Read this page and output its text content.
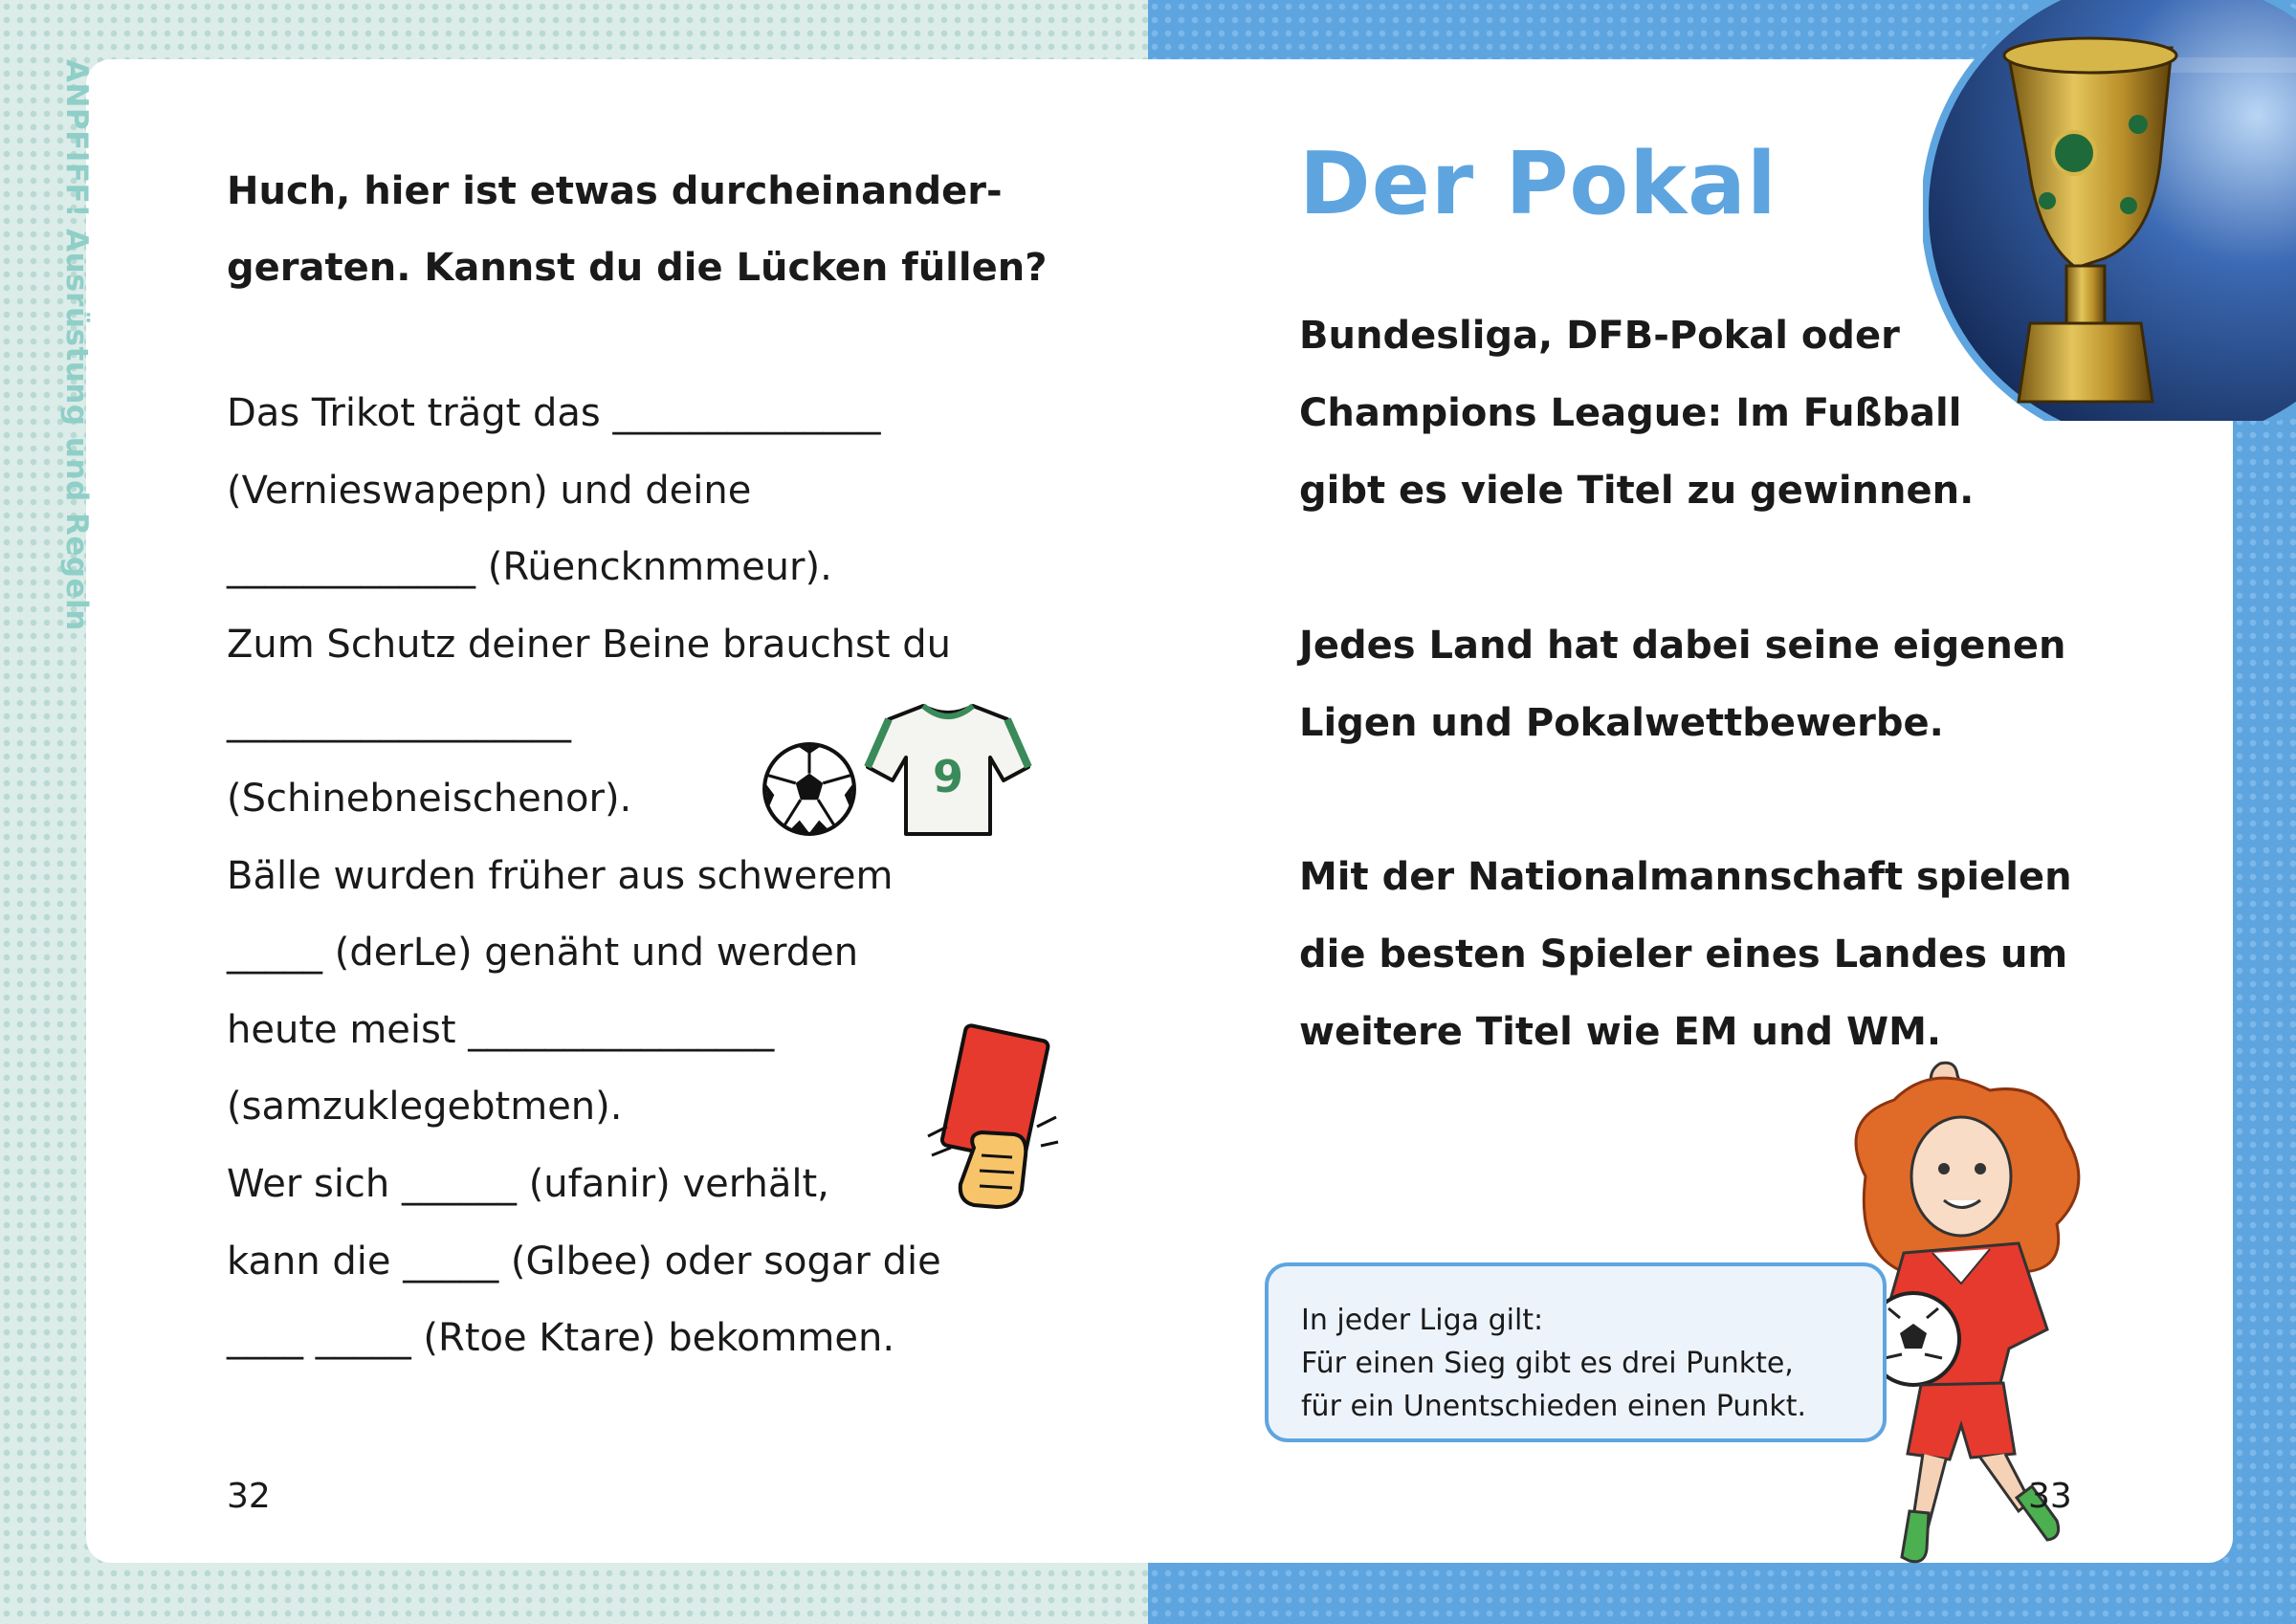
ANPFIFF! Ausrüstung und Regeln	Huch, hier ist etwas durcheinander-
geraten. Kannst du die Lücken füllen?
Das Trikot trägt das ______________
(Vernieswapepn) und deine
_____________ (Rüencknmmeur).
Zum Schutz deiner Beine brauchst du
__________________
(Schinebneischenor).
Bälle wurden früher aus schwerem
_____ (derLe) genäht und werden
heute meist ________________
(samzuklegebtmen).
Wer sich ______ (ufanir) verhält,
kann die _____ (Glbee) oder sogar die
____ _____ (Rtoe Ktare) bekommen.
9
32
Der Pokal
Bundesliga, DFB-Pokal oder
Champions League: Im Fußball
gibt es viele Titel zu gewinnen.
Jedes Land hat dabei seine eigenen
Ligen und Pokalwettbewerbe.
Mit der Nationalmannschaft spielen
die besten Spieler eines Landes um
weitere Titel wie EM und WM.
In jeder Liga gilt:
Für einen Sieg gibt es drei Punkte,
für ein Unentschieden einen Punkt.
33
